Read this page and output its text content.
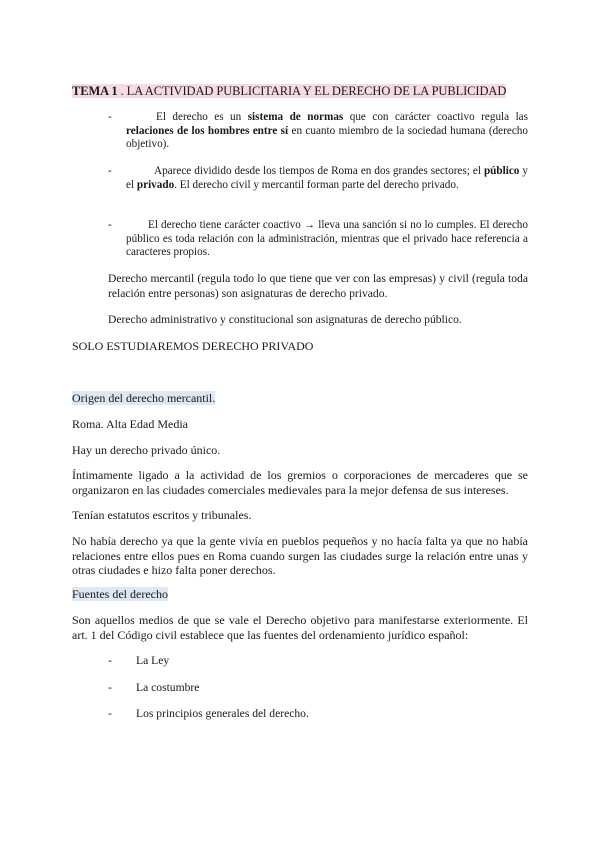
TEMA 1 . LA ACTIVIDAD PUBLICITARIA Y EL DERECHO DE LA PUBLICIDAD
-	El derecho es un sistema de normas que con carácter coactivo regula las relaciones de los hombres entre sí en cuanto miembro de la sociedad humana (derecho objetivo).
-	Aparece dividido desde los tiempos de Roma en dos grandes sectores; el público y el privado. El derecho civil y mercantil forman parte del derecho privado.
-	El derecho tiene carácter coactivo → lleva una sanción si no lo cumples. El derecho público es toda relación con la administración, mientras que el privado hace referencia a caracteres propios.
Derecho mercantil (regula todo lo que tiene que ver con las empresas) y civil (regula toda relación entre personas) son asignaturas de derecho privado.
Derecho administrativo y constitucional son asignaturas de derecho público.
SOLO ESTUDIAREMOS DERECHO PRIVADO
Origen del derecho mercantil.
Roma. Alta Edad Media
Hay un derecho privado único.
Íntimamente ligado a la actividad de los gremios o corporaciones de mercaderes que se organizaron en las ciudades comerciales medievales para la mejor defensa de sus intereses.
Tenían estatutos escritos y tribunales.
No había derecho ya que la gente vivía en pueblos pequeños y no hacía falta ya que no había relaciones entre ellos pues en Roma cuando surgen las ciudades surge la relación entre unas y otras ciudades e hizo falta poner derechos.
Fuentes del derecho
Son aquellos medios de que se vale el Derecho objetivo para manifestarse exteriormente. El art. 1 del Código civil establece que las fuentes del ordenamiento jurídico español:
-	La Ley
-	La costumbre
-	Los principios generales del derecho.
